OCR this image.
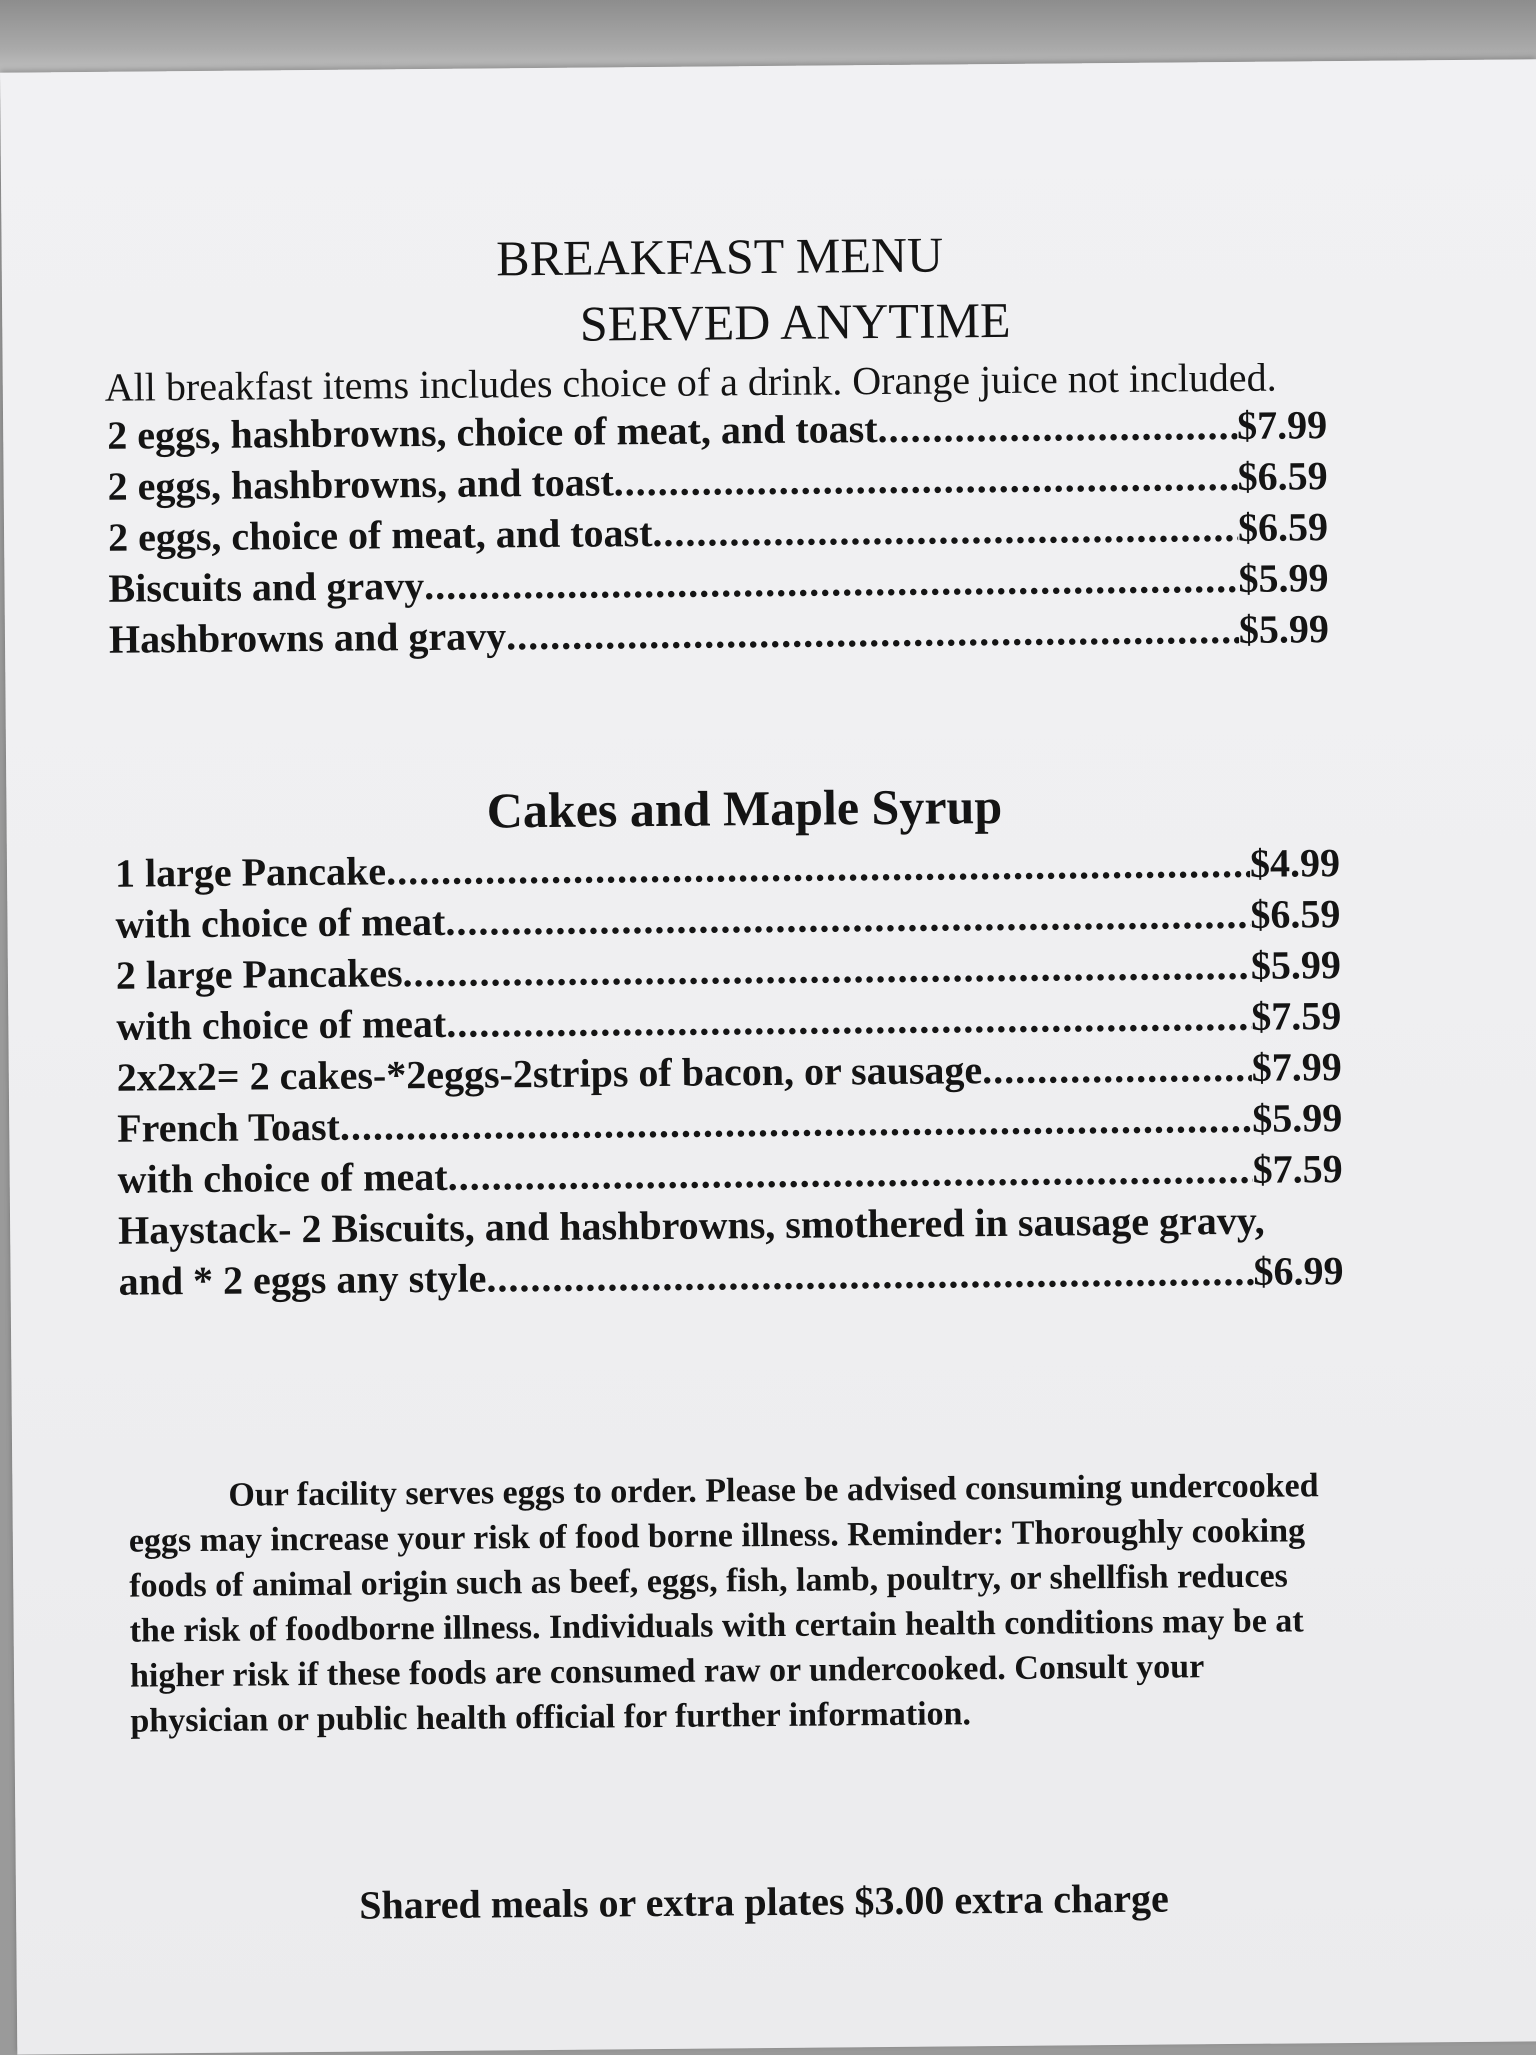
BREAKFAST MENU
SERVED ANYTIME
All breakfast items includes choice of a drink. Orange juice not included.
2 eggs, hashbrowns, choice of meat, and toast .....	$7.99
2 eggs, hashbrowns, and toast .....	$6.59
2 eggs, choice of meat, and toast .....	$6.59
Biscuits and gravy .....	$5.99
Hashbrowns and gravy .....	$5.99
Cakes and Maple Syrup
1 large Pancake .....	$4.99
with choice of meat .....	$6.59
2 large Pancakes .....	$5.99
with choice of meat .....	$7.59
2x2x2= 2 cakes-*2eggs-2strips of bacon, or sausage .....	$7.99
French Toast .....	$5.99
with choice of meat .....	$7.59
Haystack- 2 Biscuits, and hashbrowns, smothered in sausage gravy,
and * 2 eggs any style .....	$6.99

Our facility serves eggs to order. Please be advised consuming undercooked
eggs may increase your risk of food borne illness. Reminder: Thoroughly cooking
foods of animal origin such as beef, eggs, fish, lamb, poultry, or shellfish reduces
the risk of foodborne illness. Individuals with certain health conditions may be at
higher risk if these foods are consumed raw or undercooked. Consult your
physician or public health official for further information.

Shared meals or extra plates $3.00 extra charge
